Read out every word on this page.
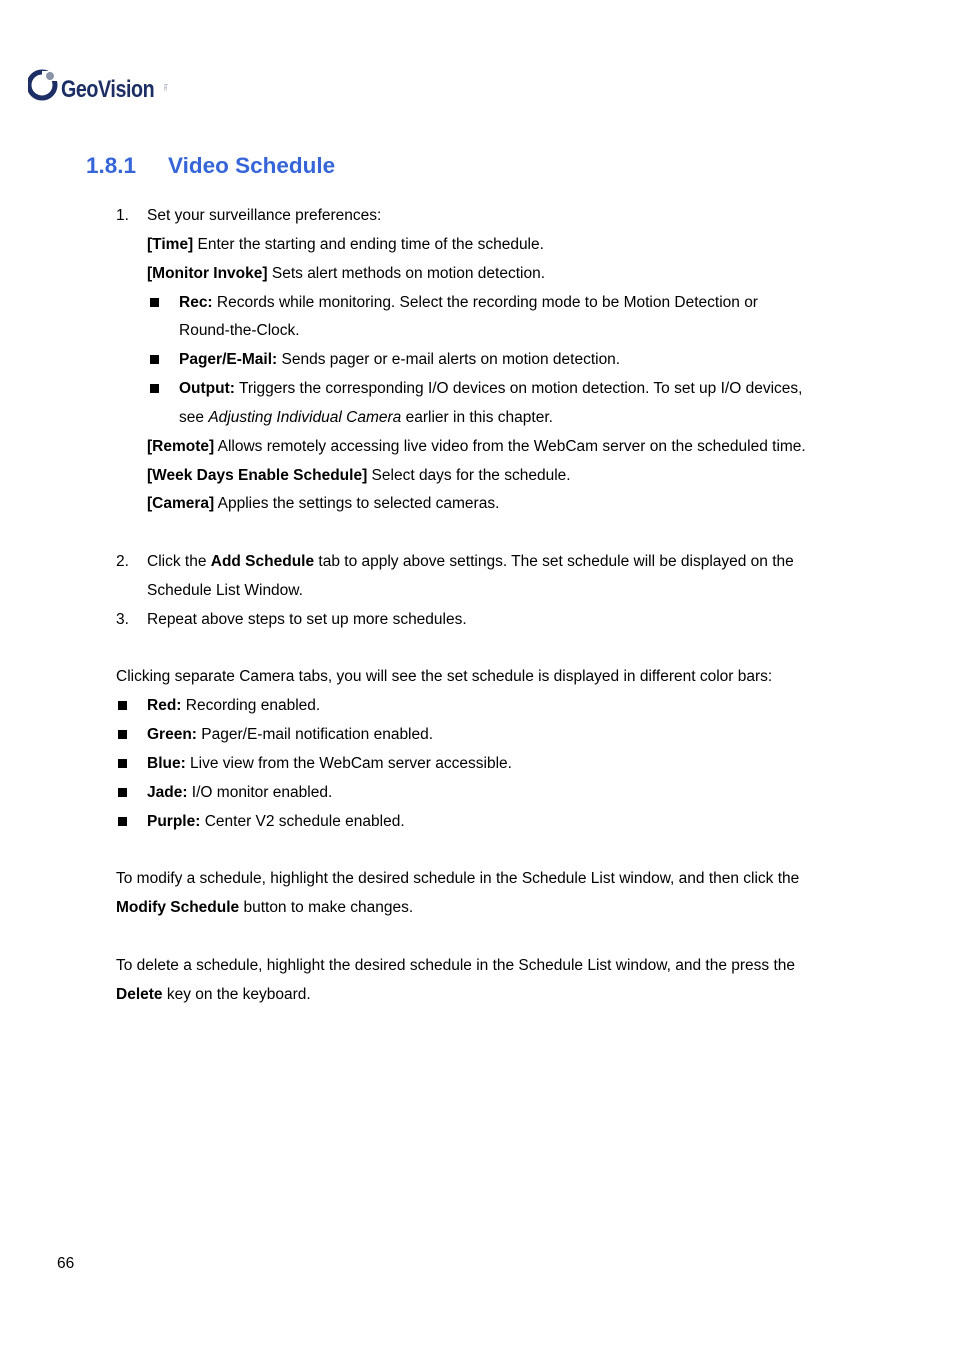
GeoVision Inc.
1.8.1 Video Schedule
1. Set your surveillance preferences:
[Time] Enter the starting and ending time of the schedule.
[Monitor Invoke] Sets alert methods on motion detection.
Rec: Records while monitoring. Select the recording mode to be Motion Detection or
Round-the-Clock.
Pager/E-Mail: Sends pager or e-mail alerts on motion detection.
Output: Triggers the corresponding I/O devices on motion detection. To set up I/O devices,
see Adjusting Individual Camera earlier in this chapter.
[Remote] Allows remotely accessing live video from the WebCam server on the scheduled time.
[Week Days Enable Schedule] Select days for the schedule.
[Camera] Applies the settings to selected cameras.
2. Click the Add Schedule tab to apply above settings. The set schedule will be displayed on the
Schedule List Window.
3. Repeat above steps to set up more schedules.
Clicking separate Camera tabs, you will see the set schedule is displayed in different color bars:
Red: Recording enabled.
Green: Pager/E-mail notification enabled.
Blue: Live view from the WebCam server accessible.
Jade: I/O monitor enabled.
Purple: Center V2 schedule enabled.
To modify a schedule, highlight the desired schedule in the Schedule List window, and then click the
Modify Schedule button to make changes.
To delete a schedule, highlight the desired schedule in the Schedule List window, and the press the
Delete key on the keyboard.
66
